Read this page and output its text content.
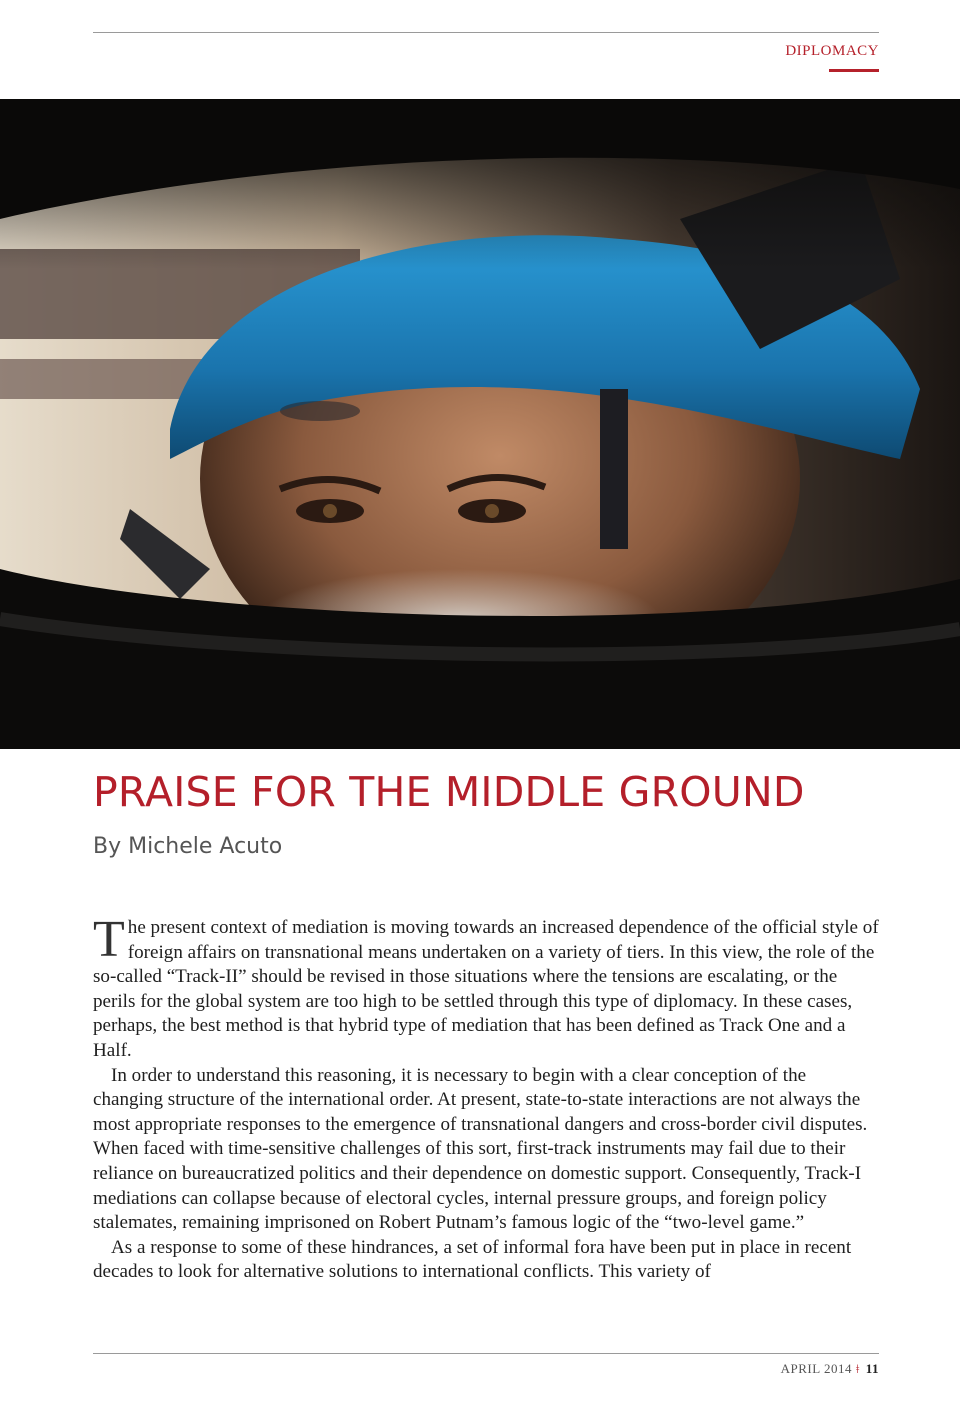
DIPLOMACY
PRAISE FOR THE MIDDLE GROUND
By Michele Acuto

The present context of mediation is moving towards an increased dependence of the official style of foreign affairs on transnational means undertaken on a variety of tiers. In this view, the role of the so-called “Track-II” should be revised in those situations where the tensions are escalating, or the perils for the global system are too high to be settled through this type of diplomacy. In these cases, perhaps, the best method is that hybrid type of mediation that has been defined as Track One and a Half.

In order to understand this reasoning, it is necessary to begin with a clear conception of the changing structure of the international order. At present, state-to-state interactions are not always the most appropriate responses to the emergence of transnational dangers and cross-border civil disputes. When faced with time-sensitive challenges of this sort, first-track instruments may fail due to their reliance on bureaucratized politics and their dependence on domestic support. Consequently, Track-I mediations can collapse because of electoral cycles, internal pressure groups, and foreign policy stalemates, remaining imprisoned on Robert Putnam’s famous logic of the “two-level game.”

As a response to some of these hindrances, a set of informal fora have been put in place in recent decades to look for alternative solutions to international conflicts. This variety of

APRIL 2014 ǂ 11
